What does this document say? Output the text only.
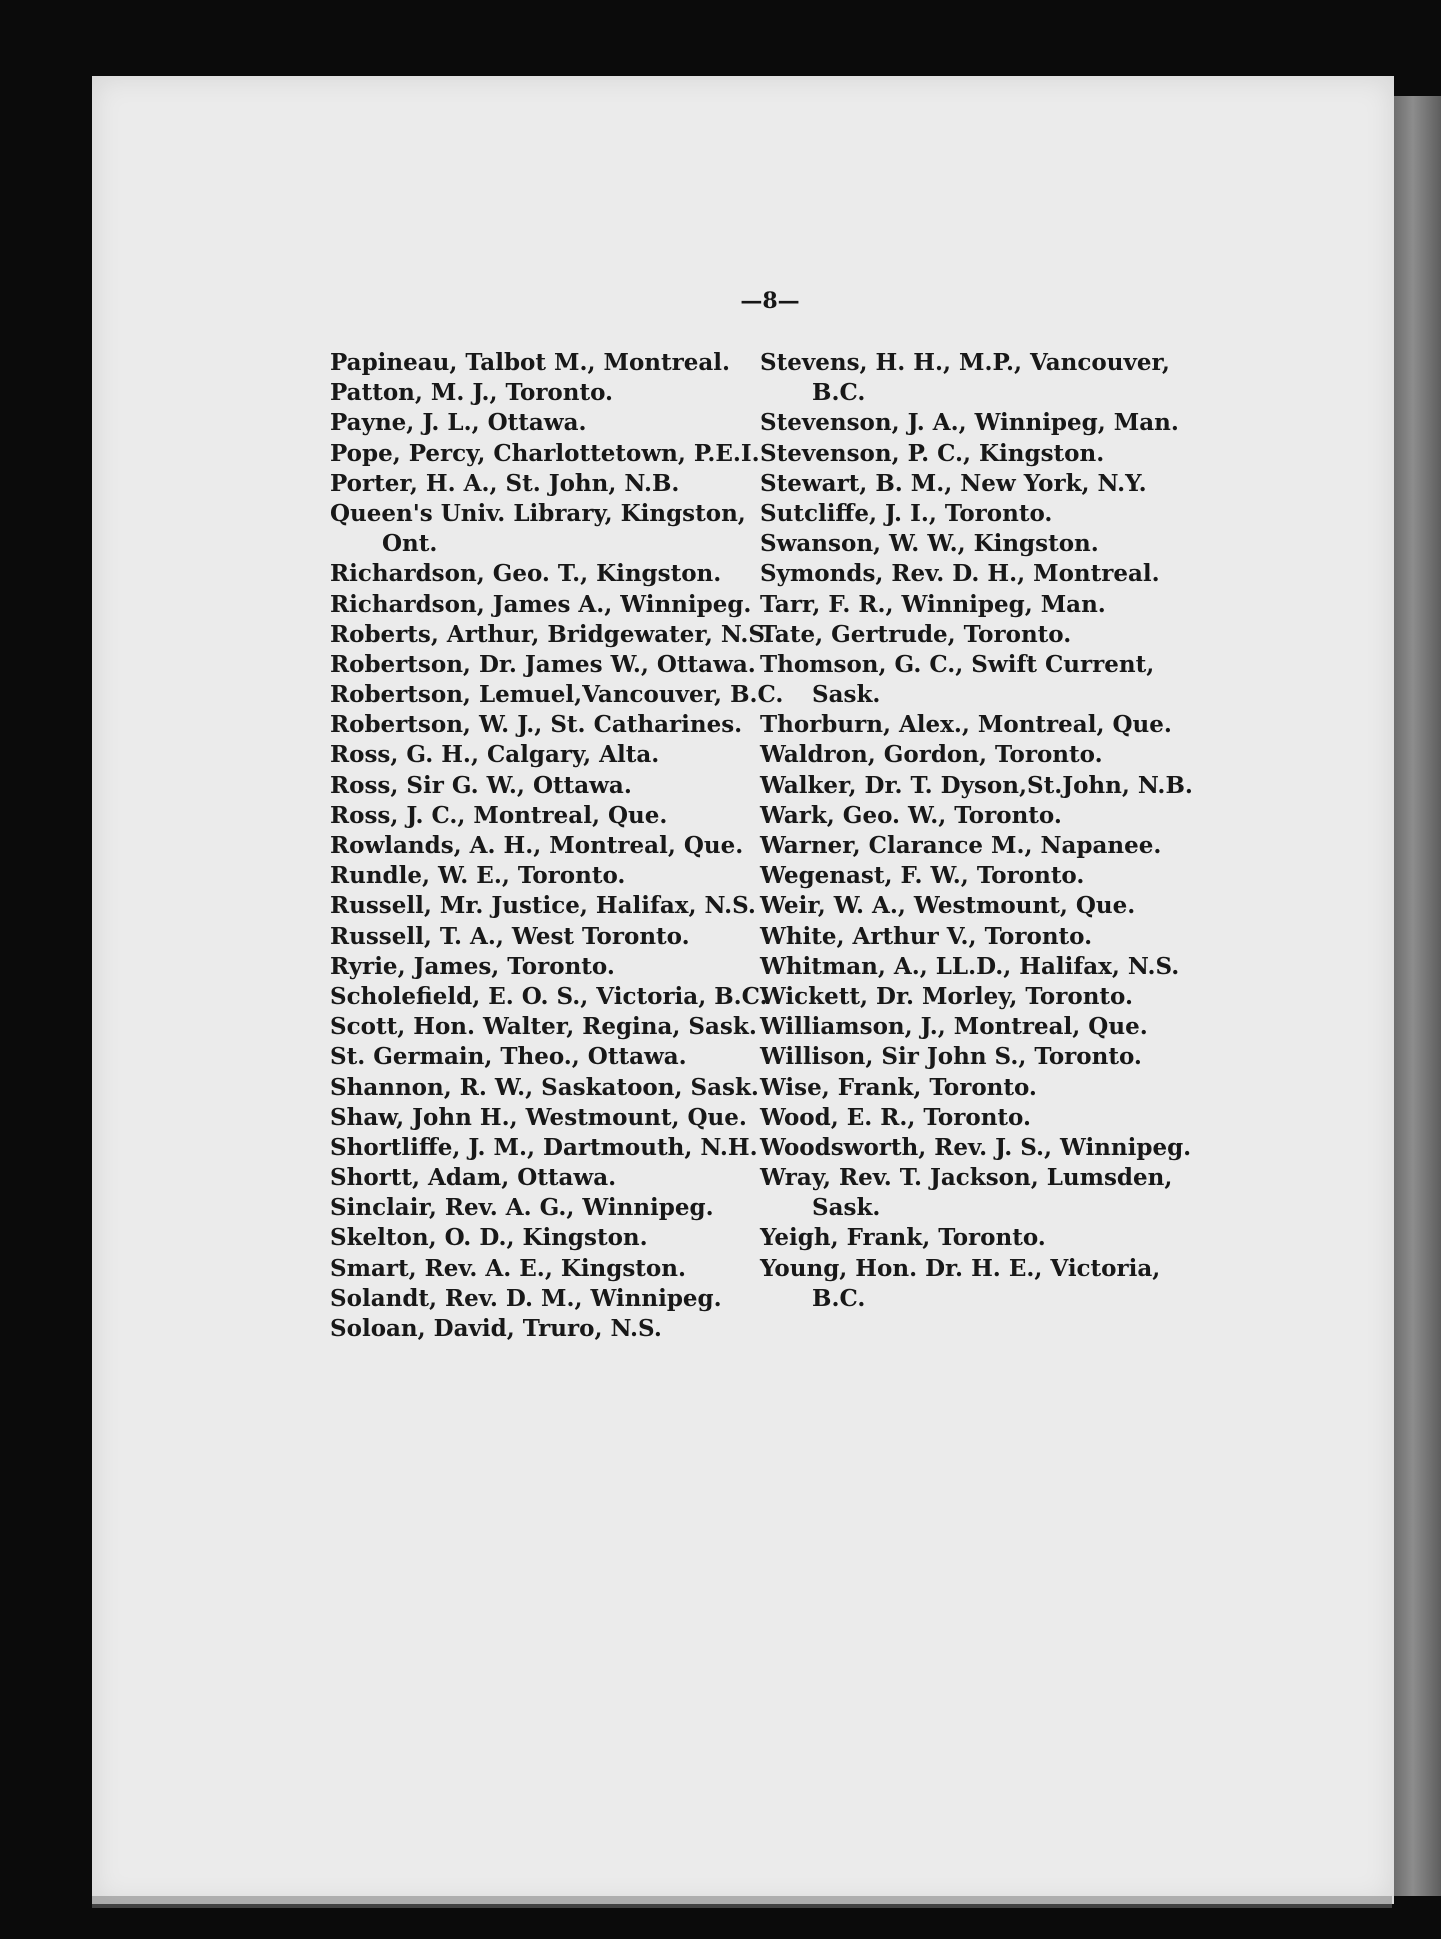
—8—
Papineau, Talbot M., Montreal.
Patton, M. J., Toronto.
Payne, J. L., Ottawa.
Pope, Percy, Charlottetown, P.E.I.
Porter, H. A., St. John, N.B.
Queen's Univ. Library, Kingston,
Ont.
Richardson, Geo. T., Kingston.
Richardson, James A., Winnipeg.
Roberts, Arthur, Bridgewater, N.S.
Robertson, Dr. James W., Ottawa.
Robertson, Lemuel,Vancouver, B.C.
Robertson, W. J., St. Catharines.
Ross, G. H., Calgary, Alta.
Ross, Sir G. W., Ottawa.
Ross, J. C., Montreal, Que.
Rowlands, A. H., Montreal, Que.
Rundle, W. E., Toronto.
Russell, Mr. Justice, Halifax, N.S.
Russell, T. A., West Toronto.
Ryrie, James, Toronto.
Scholefield, E. O. S., Victoria, B.C.
Scott, Hon. Walter, Regina, Sask.
St. Germain, Theo., Ottawa.
Shannon, R. W., Saskatoon, Sask.
Shaw, John H., Westmount, Que.
Shortliffe, J. M., Dartmouth, N.H.
Shortt, Adam, Ottawa.
Sinclair, Rev. A. G., Winnipeg.
Skelton, O. D., Kingston.
Smart, Rev. A. E., Kingston.
Solandt, Rev. D. M., Winnipeg.
Soloan, David, Truro, N.S.
Stevens, H. H., M.P., Vancouver,
B.C.
Stevenson, J. A., Winnipeg, Man.
Stevenson, P. C., Kingston.
Stewart, B. M., New York, N.Y.
Sutcliffe, J. I., Toronto.
Swanson, W. W., Kingston.
Symonds, Rev. D. H., Montreal.
Tarr, F. R., Winnipeg, Man.
Tate, Gertrude, Toronto.
Thomson, G. C., Swift Current,
Sask.
Thorburn, Alex., Montreal, Que.
Waldron, Gordon, Toronto.
Walker, Dr. T. Dyson,St.John, N.B.
Wark, Geo. W., Toronto.
Warner, Clarance M., Napanee.
Wegenast, F. W., Toronto.
Weir, W. A., Westmount, Que.
White, Arthur V., Toronto.
Whitman, A., LL.D., Halifax, N.S.
Wickett, Dr. Morley, Toronto.
Williamson, J., Montreal, Que.
Willison, Sir John S., Toronto.
Wise, Frank, Toronto.
Wood, E. R., Toronto.
Woodsworth, Rev. J. S., Winnipeg.
Wray, Rev. T. Jackson, Lumsden,
Sask.
Yeigh, Frank, Toronto.
Young, Hon. Dr. H. E., Victoria,
B.C.
